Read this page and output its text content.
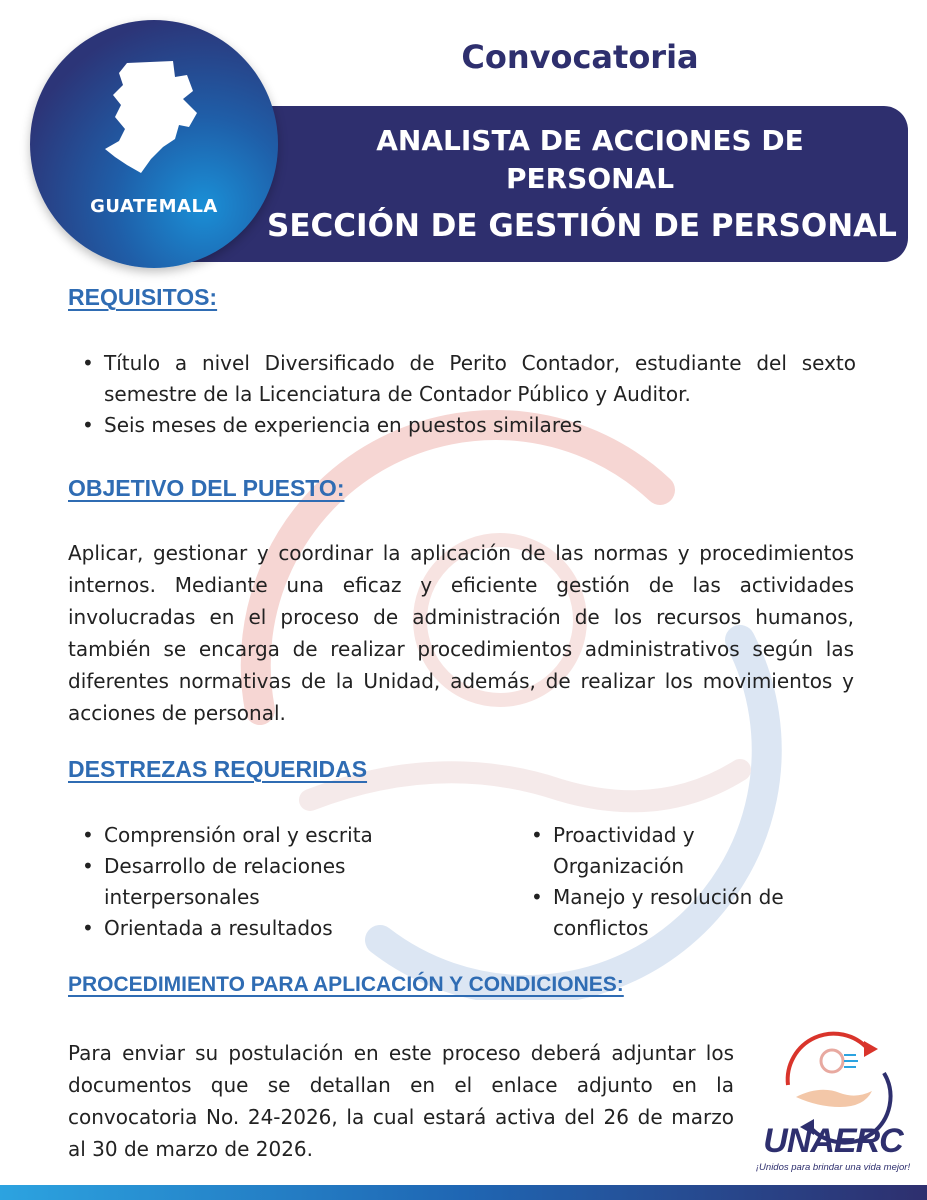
GUATEMALA
Convocatoria
ANALISTA DE ACCIONES DE PERSONAL
SECCIÓN DE GESTIÓN DE PERSONAL
REQUISITOS:
• Título a nivel Diversificado de Perito Contador, estudiante del sexto semestre de la Licenciatura de Contador Público y Auditor.
• Seis meses de experiencia en puestos similares
OBJETIVO DEL PUESTO:
Aplicar, gestionar y coordinar la aplicación de las normas y procedimientos internos. Mediante una eficaz y eficiente gestión de las actividades involucradas en el proceso de administración de los recursos humanos, también se encarga de realizar procedimientos administrativos según las diferentes normativas de la Unidad, además, de realizar los movimientos y acciones de personal.
DESTREZAS REQUERIDAS
• Comprensión oral y escrita
• Desarrollo de relaciones interpersonales
• Orientada a resultados
• Proactividad y Organización
• Manejo y resolución de conflictos
PROCEDIMIENTO PARA APLICACIÓN Y CONDICIONES:
Para enviar su postulación en este proceso deberá adjuntar los documentos que se detallan en el enlace adjunto en la convocatoria No. 24-2026, la cual estará activa del 26 de marzo al 30 de marzo de 2026.	UNAERC
¡Unidos para brindar una vida mejor!
